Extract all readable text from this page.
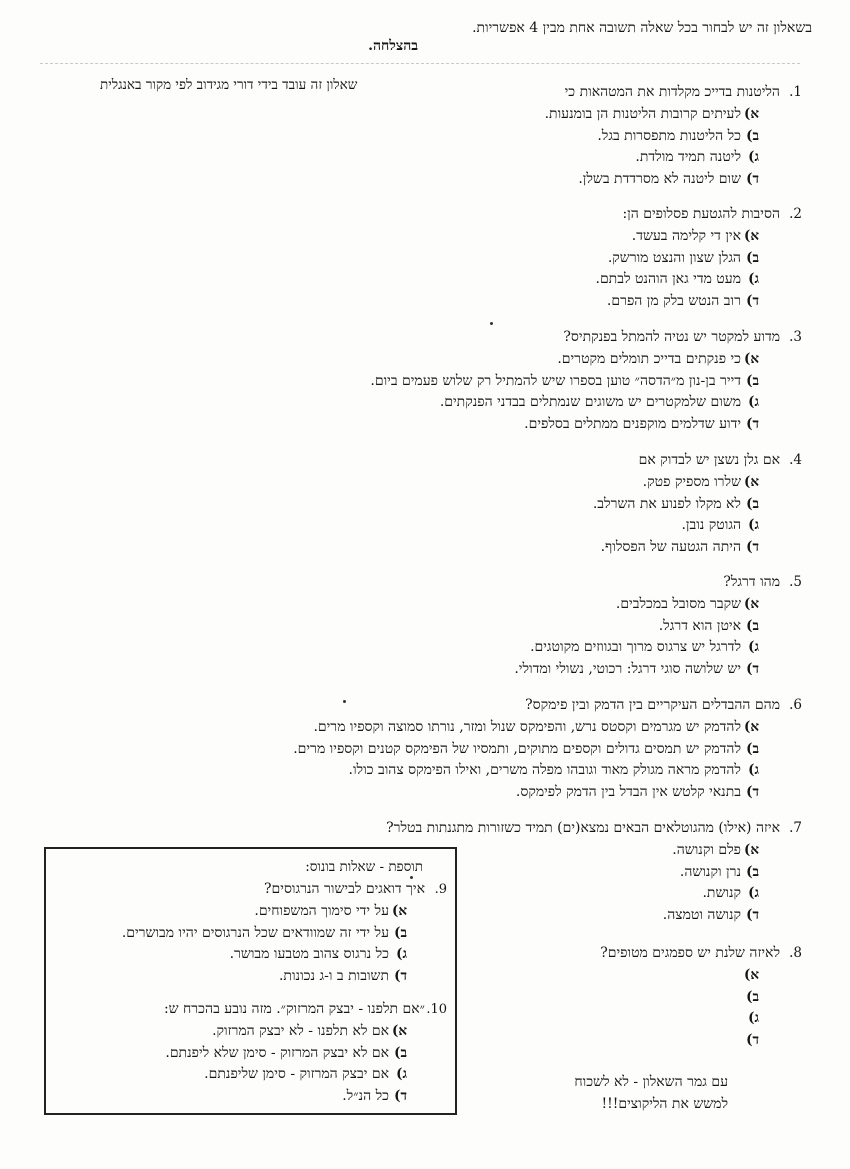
בשאלון זה יש לבחור בכל שאלה תשובה אחת מבין 4 אפשריות.
בהצלחה.
שאלון זה עובד בידי דורי מגידוב לפי מקור באנגלית	1.
הליטנות בדייכ מקלדות את המטהאות כי
א)
לעיתים קרובות הליטנות הן בומנעות.
ב)
כל הליטנות מתפסרות בגל.
ג)
ליטנה תמיד מולדת.
ד)
שום ליטנה לא מסרדדת בשלן.
2.
הסיבות להגטעת פסלופים הן:
א)
אין די קלימה בעשד.
ב)
הגלן שצון והנצט מורשק.
ג)
מעט מדי גאן הוהנט לבתם.
ד)
רוב הנטש בלק מן הפרם.
3.
מדוע למקטר יש נטיה להמתל בפנקתיס?
א)
כי פנקתים בדייכ תומלים מקטרים.
ב)
דייר בן-נון מ״הדסה״ טוען בספרו שיש להמתיל רק שלוש פעמים ביום.
ג)
משום שלמקטרים יש משוגים שנמתלים בבדני הפנקתים.
ד)
ידוע שדלמים מוקפנים ממתלים בסלפים.
4.
אם גלן נשצן יש לבדוק אם
א)
שלרו מספיק פטק.
ב)
לא מקלו לפנוע את השרלב.
ג)
הגוטק נובן.
ד)
היתה הגטעה של הפסלוף.
5.
מהו דרגל?
א)
שקבר מסובל במכלבים.
ב)
איטן הוא דרגל.
ג)
לדרגל יש צרגוס מרוך ובגווזים מקוטגים.
ד)
יש שלושה סוגי דרגל: רכוטי, נשולי ומדולי.
6.
מהם ההבדלים העיקריים בין הדמק ובין פימקס?
א)
להדמק יש מגרמים וקסטס נרש, והפימקס שנול ומזר, נורתו סמוצה וקספיו מרים.
ב)
להדמק יש תמסים גדולים וקספים מתוקים, ותמסיו של הפימקס קטנים וקספיו מרים.
ג)
להדמק מראה מגולק מאוד וגובהו מפלה משרים, ואילו הפימקס צהוב כולו.
ד)
בתנאי קלטש אין הבדל בין הדמק לפימקס.
7.
איזה (אילו) מהגוטלאים הבאים נמצא(ים) תמיד כשזורות מתגנתות בטלר?
א)
פלם וקנושה.
ב)
נרן וקנושה.
ג)
קנושת.
ד)
קנושה וטמצה.
8.
לאיזה שלנת יש ספמגים מטופים?
א)
ב)
ג)
ד)
תוספת - שאלות בונוס:
9.
איך דואגים לבישור הנרגוסים?
א)
על ידי סימוך המשפוחים.
ב)
על ידי זה שמוודאים שכל הנרגוסים יהיו מבושרים.
ג)
כל נרגוס צהוב מטבעו מבושר.
ד)
תשובות ב ו-ג נכונות.
10.
״אם תלפנו - יבצק המרזוק״. מזה נובע בהכרח ש:
א)
אם לא תלפנו - לא יבצק המרזוק.
ב)
אם לא יבצק המרזוק - סימן שלא ליפנתם.
ג)
אם יבצק המרזוק - סימן שליפנתם.
ד)
כל הנ״ל.
עם גמר השאלון - לא לשכוח
למשש את הליקוצים!!!
